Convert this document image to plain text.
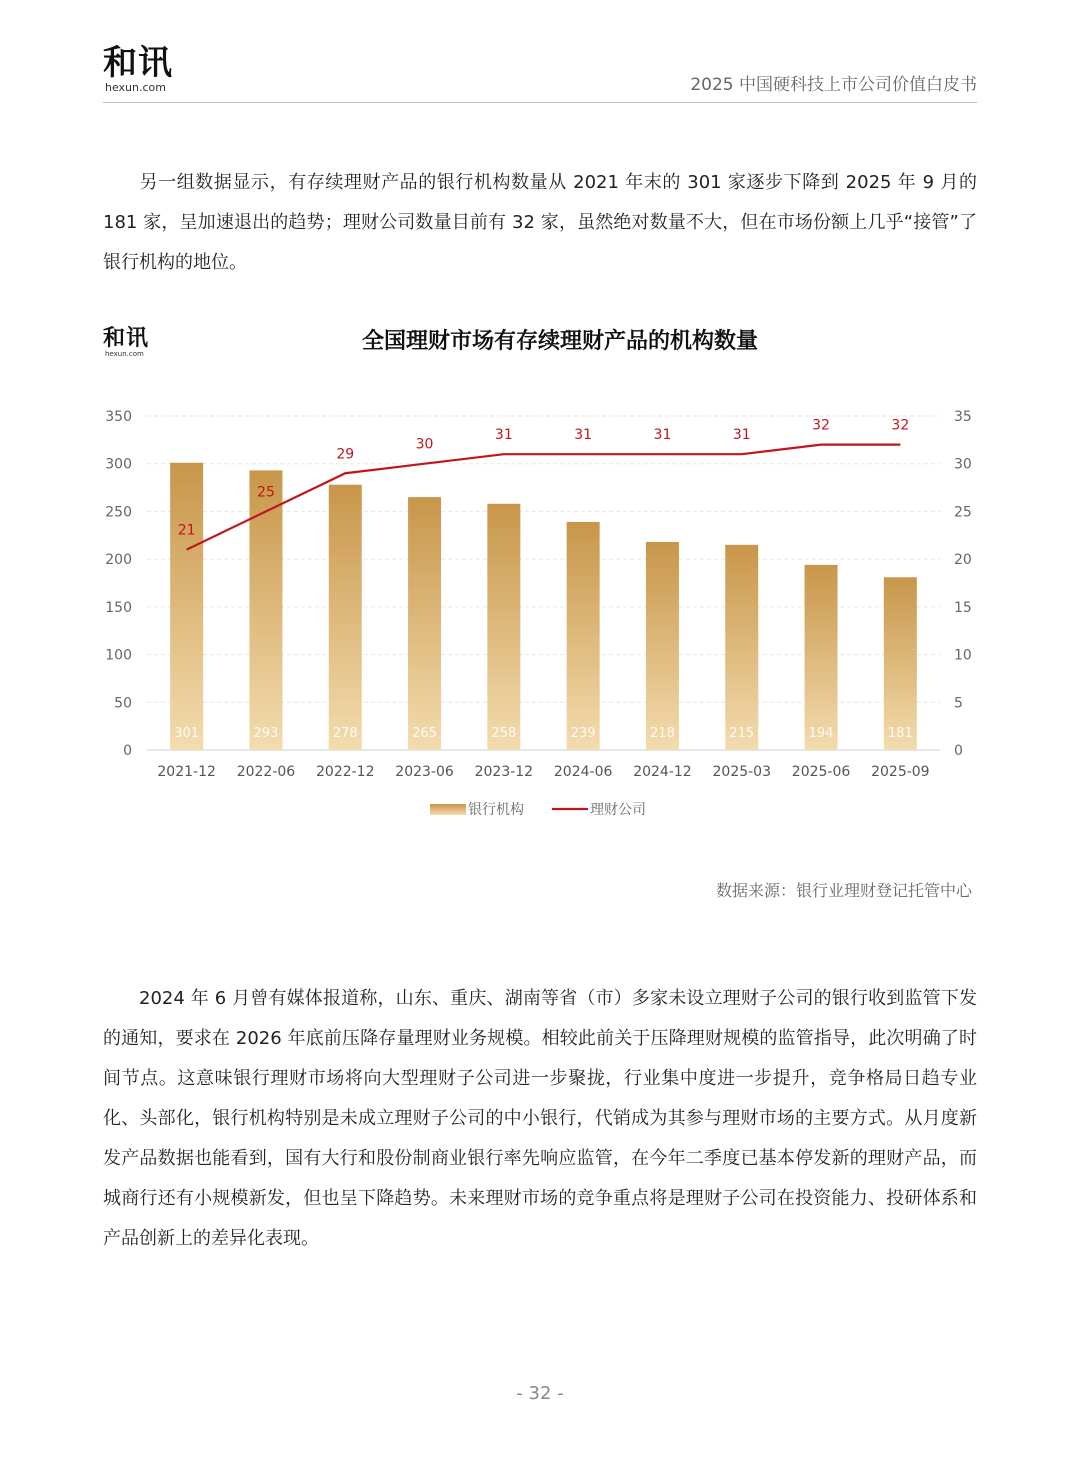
和讯
hexun.com	2025 中国硬科技上市公司价值白皮书

另一组数据显示，有存续理财产品的银行机构数量从 2021 年末的 301 家逐步下降到 2025 年 9 月的 181 家，呈加速退出的趋势；理财公司数量目前有 32 家，虽然绝对数量不大，但在市场份额上几乎“接管”了银行机构的地位。

和讯
hexun.com	全国理财市场有存续理财产品的机构数量
0
50
100
150
200
250
300
350
0
5
10
15
20
25
30
35
2021-12 2022-06 2022-12 2023-06 2023-12 2024-06 2024-12 2025-03 2025-06 2025-09
301	293	278	265	258	239	218	215	194	181
21
25
29
30
31	31	31	31
32	32
银行机构	理财公司
数据来源：银行业理财登记托管中心

2024 年 6 月曾有媒体报道称，山东、重庆、湖南等省（市）多家未设立理财子公司的银行收到监管下发的通知，要求在 2026 年底前压降存量理财业务规模。相较此前关于压降理财规模的监管指导，此次明确了时间节点。这意味银行理财市场将向大型理财子公司进一步聚拢，行业集中度进一步提升，竞争格局日趋专业化、头部化，银行机构特别是未成立理财子公司的中小银行，代销成为其参与理财市场的主要方式。从月度新发产品数据也能看到，国有大行和股份制商业银行率先响应监管，在今年二季度已基本停发新的理财产品，而城商行还有小规模新发，但也呈下降趋势。未来理财市场的竞争重点将是理财子公司在投资能力、投研体系和产品创新上的差异化表现。

- 32 -
